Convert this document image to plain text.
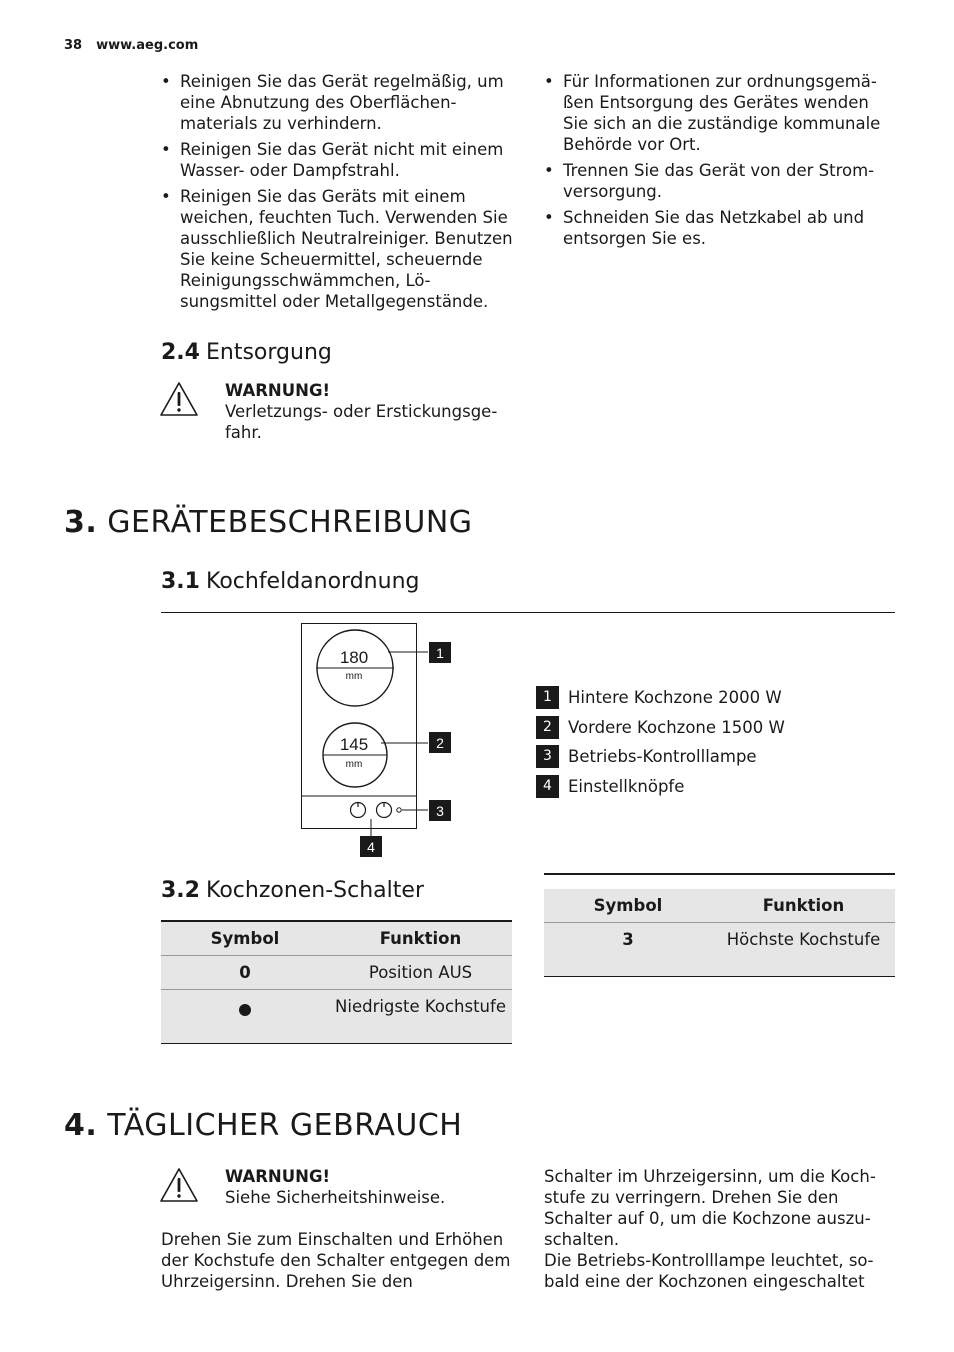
38 www.aeg.com
• Reinigen Sie das Gerät regelmäßig, um eine Abnutzung des Oberflächenmaterials zu verhindern.
• Reinigen Sie das Gerät nicht mit einem Wasser- oder Dampfstrahl.
• Reinigen Sie das Geräts mit einem weichen, feuchten Tuch. Verwenden Sie ausschließlich Neutralreiniger. Benutzen Sie keine Scheuermittel, scheuernde Reinigungsschwämmchen, Lösungsmittel oder Metallgegenstände.
• Für Informationen zur ordnungsgemäßen Entsorgung des Gerätes wenden Sie sich an die zuständige kommunale Behörde vor Ort.
• Trennen Sie das Gerät von der Stromversorgung.
• Schneiden Sie das Netzkabel ab und entsorgen Sie es.
2.4 Entsorgung
WARNUNG!
Verletzungs- oder Erstickungsgefahr.
3. GERÄTEBESCHREIBUNG
3.1 Kochfeldanordnung
180
mm
1
145
mm
2
3
4
1 Hintere Kochzone 2000 W
2 Vordere Kochzone 1500 W
3 Betriebs-Kontrolllampe
4 Einstellknöpfe
3.2 Kochzonen-Schalter
Symbol	Funktion
0	Position AUS
	Niedrigste Kochstufe

Symbol	Funktion
3	Höchste Kochstufe
4. TÄGLICHER GEBRAUCH
WARNUNG!
Siehe Sicherheitshinweise.
Drehen Sie zum Einschalten und Erhöhen der Kochstufe den Schalter entgegen dem Uhrzeigersinn. Drehen Sie den
Schalter im Uhrzeigersinn, um die Kochstufe zu verringern. Drehen Sie den Schalter auf 0, um die Kochzone auszuschalten.
Die Betriebs-Kontrolllampe leuchtet, sobald eine der Kochzonen eingeschaltet
